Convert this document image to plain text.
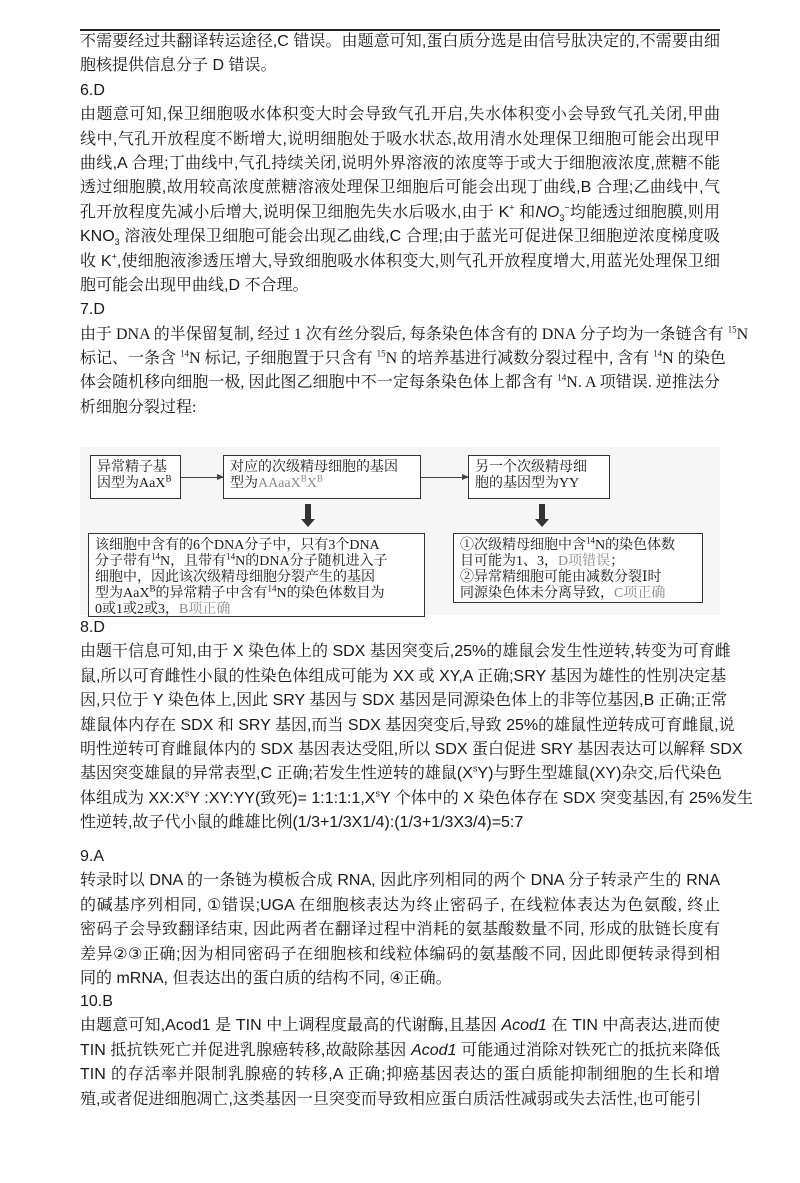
不需要经过共翻译转运途径,C 错误。由题意可知,蛋白质分选是由信号肽决定的,不需要由细
胞核提供信息分子 D 错误。
6.D
由题意可知,保卫细胞吸水体积变大时会导致气孔开启,失水体积变小会导致气孔关闭,甲曲
线中,气孔开放程度不断增大,说明细胞处于吸水状态,故用清水处理保卫细胞可能会出现甲
曲线,A 合理;丁曲线中,气孔持续关闭,说明外界溶液的浓度等于或大于细胞液浓度,蔗糖不能
透过细胞膜,故用较高浓度蔗糖溶液处理保卫细胞后可能会出现丁曲线,B 合理;乙曲线中,气
孔开放程度先减小后增大,说明保卫细胞先失水后吸水,由于 K+ 和$NO_3^-$均能透过细胞膜,则用
$KNO_3$ 溶液处理保卫细胞可能会出现乙曲线,C 合理;由于蓝光可促进保卫细胞逆浓度梯度吸
收 K+,使细胞液渗透压增大,导致细胞吸水体积变大,则气孔开放程度增大,用蓝光处理保卫细
胞可能会出现甲曲线,D 不合理。
7.D
由于 DNA 的半保留复制, 经过 1 次有丝分裂后, 每条染色体含有的 DNA 分子均为一条链含有 $^{15}$N
标记、一条含 $^{14}$N 标记, 子细胞置于只含有 $^{15}$N 的培养基进行减数分裂过程中, 含有 $^{14}$N 的染色
体会随机移向细胞一极, 因此图乙细胞中不一定每条染色体上都含有 $^{14}$N. A 项错误. 逆推法分
析细胞分裂过程:
异常精子基
因型为AaX$^B$
对应的次级精母细胞的基因
型为$AAaaX^BX^B$
另一个次级精母细
胞的基因型为YY
该细胞中含有的6个DNA分子中，只有3个DNA
分子带有$^{14}$N，且带有$^{14}$N的DNA分子随机进入子
细胞中，因此该次级精母细胞分裂产生的基因
型为AaX$^B$的异常精子中含有$^{14}$N的染色体数目为
0或1或2或3，B项正确
①次级精母细胞中含$^{14}$N的染色体数
目可能为1、3，D项错误；
②异常精细胞可能由减数分裂Ⅰ时
同源染色体未分离导致，C项正确
8.D
由题干信息可知,由于 X 染色体上的 SDX 基因突变后,25%的雄鼠会发生性逆转,转变为可育雌
鼠,所以可育雌性小鼠的性染色体组成可能为 XX 或 XY,A 正确;SRY 基因为雄性的性别决定基
因,只位于 Y 染色体上,因此 SRY 基因与 SDX 基因是同源染色体上的非等位基因,B 正确;正常
雄鼠体内存在 SDX 和 SRY 基因,而当 SDX 基因突变后,导致 25%的雄鼠性逆转成可育雌鼠,说
明性逆转可育雌鼠体内的 SDX 基因表达受阻,所以 SDX 蛋白促进 SRY 基因表达可以解释 SDX
基因突变雄鼠的异常表型,C 正确;若发生性逆转的雄鼠$(X^sY)$与野生型雄鼠(XY)杂交,后代染色
体组成为 $XX:X^sY$ :XY:YY(致死)= $1:1:1:1,X^sY$ 个体中的 X 染色体存在 SDX 突变基因,有 25%发生
性逆转,故子代小鼠的雌雄比例(1/3+1/3X1/4):(1/3+1/3X3/4)=5:7
9.A
转录时以 DNA 的一条链为模板合成 RNA, 因此序列相同的两个 DNA 分子转录产生的 RNA
的碱基序列相同, ①错误;UGA 在细胞核表达为终止密码子, 在线粒体表达为色氨酸, 终止
密码子会导致翻译结束, 因此两者在翻译过程中消耗的氨基酸数量不同, 形成的肽链长度有
差异②③正确;因为相同密码子在细胞核和线粒体编码的氨基酸不同, 因此即便转录得到相
同的 mRNA, 但表达出的蛋白质的结构不同, ④正确。
10.B
由题意可知,Acod1 是 TIN 中上调程度最高的代谢酶,且基因 Acod1 在 TIN 中高表达,进而使
TIN 抵抗铁死亡并促进乳腺癌转移,故敲除基因 Acod1 可能通过消除对铁死亡的抵抗来降低
TIN 的存活率并限制乳腺癌的转移,A 正确;抑癌基因表达的蛋白质能抑制细胞的生长和增
殖,或者促进细胞凋亡,这类基因一旦突变而导致相应蛋白质活性减弱或失去活性,也可能引
